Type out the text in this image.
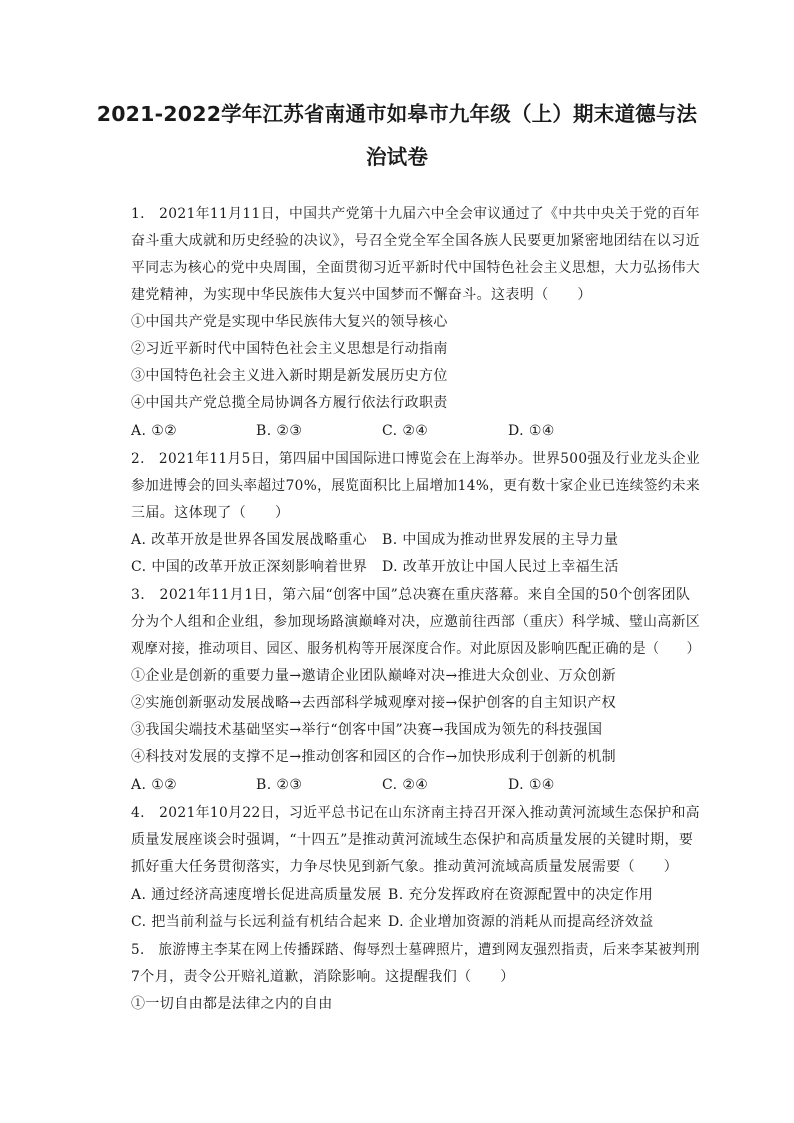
2021-2022学年江苏省南通市如皋市九年级（上）期末道德与法
治试卷
1.　2021年11月11日，中国共产党第十九届六中全会审议通过了《中共中央关于党的百年
奋斗重大成就和历史经验的决议》，号召全党全军全国各族人民要更加紧密地团结在以习近
平同志为核心的党中央周围，全面贯彻习近平新时代中国特色社会主义思想，大力弘扬伟大
建党精神，为实现中华民族伟大复兴中国梦而不懈奋斗。这表明（　　）
①中国共产党是实现中华民族伟大复兴的领导核心
②习近平新时代中国特色社会主义思想是行动指南
③中国特色社会主义进入新时期是新发展历史方位
④中国共产党总揽全局协调各方履行依法行政职责
A. ①②	B. ②③	C. ②④	D. ①④
2.　2021年11月5日，第四届中国国际进口博览会在上海举办。世界500强及行业龙头企业
参加进博会的回头率超过70%，展览面积比上届增加14%，更有数十家企业已连续签约未来
三届。这体现了（　　）
A. 改革开放是世界各国发展战略重心 B. 中国成为推动世界发展的主导力量
C. 中国的改革开放正深刻影响着世界 D. 改革开放让中国人民过上幸福生活
3.　2021年11月1日，第六届“创客中国”总决赛在重庆落幕。来自全国的50个创客团队
分为个人组和企业组，参加现场路演巅峰对决，应邀前往西部（重庆）科学城、璧山高新区
观摩对接，推动项目、园区、服务机构等开展深度合作。对此原因及影响匹配正确的是（　　）
①企业是创新的重要力量→邀请企业团队巅峰对决→推进大众创业、万众创新
②实施创新驱动发展战略→去西部科学城观摩对接→保护创客的自主知识产权
③我国尖端技术基础坚实→举行“创客中国”决赛→我国成为领先的科技强国
④科技对发展的支撑不足→推动创客和园区的合作→加快形成利于创新的机制
A. ①②	B. ②③	C. ②④	D. ①④
4.　2021年10月22日，习近平总书记在山东济南主持召开深入推动黄河流域生态保护和高
质量发展座谈会时强调，“十四五”是推动黄河流域生态保护和高质量发展的关键时期，要
抓好重大任务贯彻落实，力争尽快见到新气象。推动黄河流域高质量发展需要（　　）
A. 通过经济高速度增长促进高质量发展 B. 充分发挥政府在资源配置中的决定作用
C. 把当前利益与长远利益有机结合起来 D. 企业增加资源的消耗从而提高经济效益
5.　旅游博主李某在网上传播踩踏、侮辱烈士墓碑照片，遭到网友强烈指责，后来李某被判刑
7个月，责令公开赔礼道歉，消除影响。这提醒我们（　　）
①一切自由都是法律之内的自由
